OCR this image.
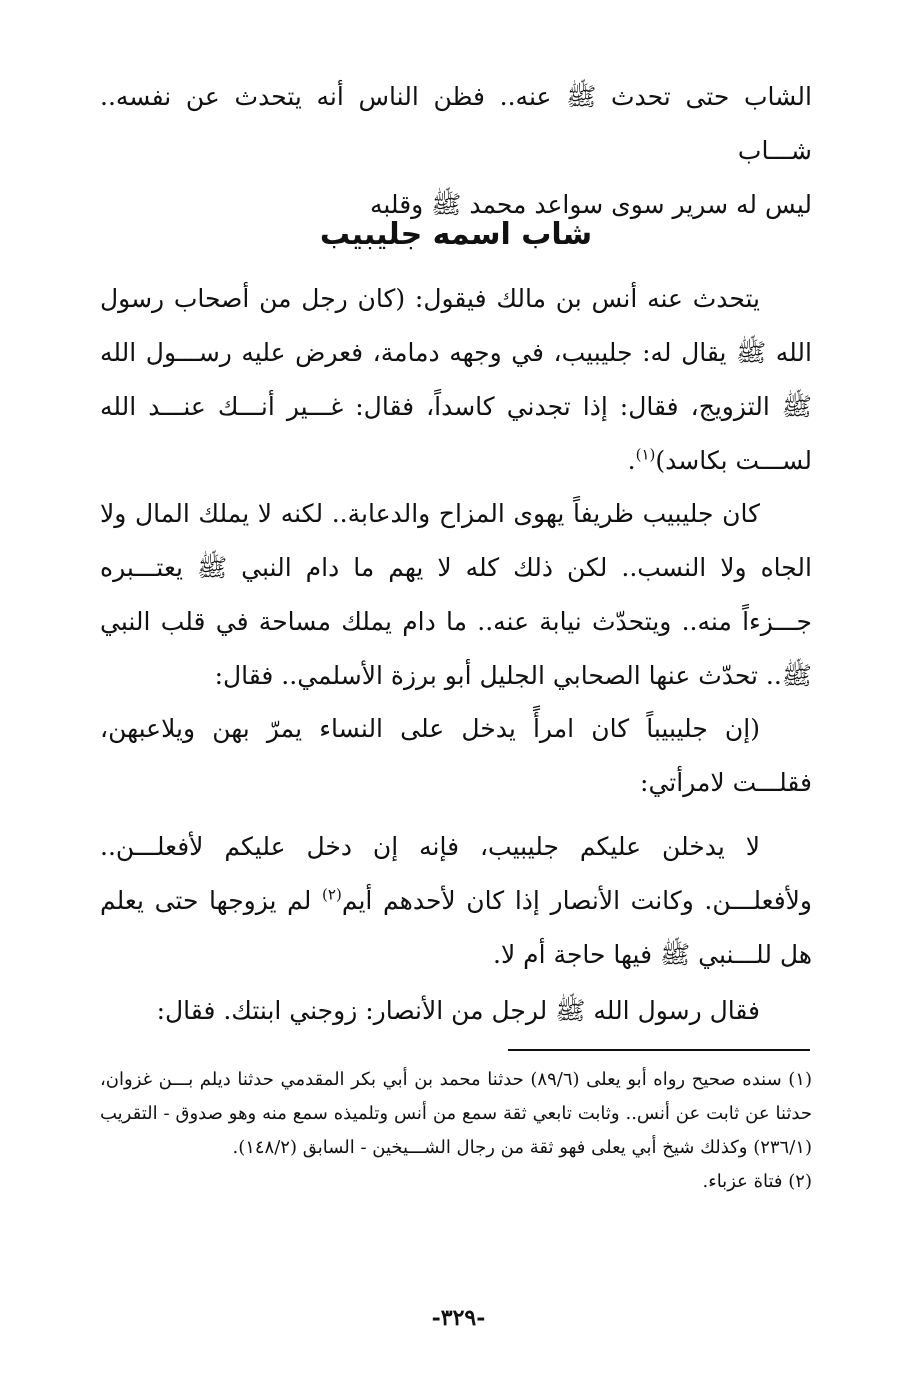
الشاب حتى تحدث ﷺ عنه.. فظن الناس أنه يتحدث عن نفسه.. شـــاب

ليس له سرير سوى سواعد محمد ﷺ وقلبه

شاب اسمه جليبيب

يتحدث عنه أنس بن مالك فيقول: (كان رجل من أصحاب رسول الله ﷺ يقال له: جليبيب، في وجهه دمامة، فعرض عليه رســـول الله ﷺ التزويج، فقال: إذا تجدني كاسداً، فقال: غـــير أنـــك عنـــد الله لســـت بكاسد)$^{(١)}$.

كان جليبيب ظريفاً يهوى المزاح والدعابة.. لكنه لا يملك المال ولا الجاه ولا النسب.. لكن ذلك كله لا يهم ما دام النبي ﷺ يعتـــبره جـــزءاً منه.. ويتحدّث نيابة عنه.. ما دام يملك مساحة في قلب النبي ﷺ.. تحدّث عنها الصحابي الجليل أبو برزة الأسلمي.. فقال:

(إن جليبيباً كان امرأً يدخل على النساء يمرّ بهن ويلاعبهن، فقلـــت لامرأتي:

لا يدخلن عليكم جليبيب، فإنه إن دخل عليكم لأفعلـــن.. ولأفعلـــن. وكانت الأنصار إذا كان لأحدهم أيم$^{(٢)}$ لم يزوجها حتى يعلم هل للـــنبي ﷺ فيها حاجة أم لا.

فقال رسول الله ﷺ لرجل من الأنصار: زوجني ابنتك. فقال:

(١) سنده صحيح رواه أبو يعلى (٨٩/٦) حدثنا محمد بن أبي بكر المقدمي حدثنا ديلم بـــن غزوان، حدثنا عن ثابت عن أنس.. وثابت تابعي ثقة سمع من أنس وتلميذه سمع منه وهو صدوق - التقريب (٢٣٦/١) وكذلك شيخ أبي يعلى فهو ثقة من رجال الشـــيخين - السابق (١٤٨/٢).

(٢) فتاة عزباء.

-٣٢٩-
